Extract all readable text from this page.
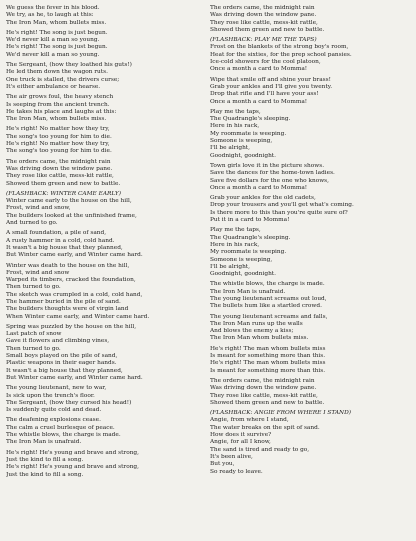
We guess the fever in his blood.
We try, as he, to laugh at this:
The Iron Man, whom bullets miss.
He's right! The song is just begun.
We'd never kill a man so young.
He's right! The song is just begun.
We'd never kill a man so young.
The Sergeant, (how they loathed his guts!)
He led them down the wagon ruts.
One truck is stalled, the drivers curse;
It's either ambulance or hearse.
The air grows foul, the heavy stench
Is seeping from the ancient trench.
He takes his place and laughs at this:
The Iron Man, whom bullets miss.
He's right! No matter how they try,
The song's too young for him to die.
He's right! No matter how they try,
The song's too young for him to die.
The orders came, the midnight rain
Was driving down the window pane.
They rose like cattle, mess-kit rattle,
Showed them green and new to battle.
(FLASHBACK: WINTER CAME EARLY)
Winter came early to the house on the hill,
Frost, wind and snow,
The builders looked at the unfinished frame,
And turned to go.
A small foundation, a pile of sand,
A rusty hammer in a cold, cold hand.
It wasn't a big house that they planned,
But Winter came early, and Winter came hard.
Winter was death to the house on the hill,
Frost, wind and snow
Warped its timbers, cracked the foundation,
Then turned to go.
The sketch was crumpled in a cold, cold hand,
The hammer buried in the pile of sand.
The builders thoughts were of virgin land
When Winter came early, and Winter came hard.
Spring was puzzled by the house on the hill,
Last patch of snow
Gave it flowers and climbing vines,
Then turned to go.
Small boys played on the pile of sand,
Plastic weapons in their eager hands.
It wasn't a big house that they planned,
But Winter came early, and Winter came hard.
The young lieutenant, new to war,
Is sick upon the trench's floor.
The Sergeant, (how they cursed his head!)
Is suddenly quite cold and dead.
The deafening explosions cease.
The calm a cruel burlesque of peace.
The whistle blows, the charge is made.
The Iron Man is unafraid.
He's right! He's young and brave and strong,
Just the kind to fill a song.
He's right! He's young and brave and strong,
Just the kind to fill a song.
The orders came, the midnight rain
Was driving down the window pane.
They rose like cattle, mess-kit rattle,
Showed them green and new to battle.
(FLASHBACK: PLAY ME THE TAPS)
Frost on the blankets of the strong boy's room,
Heat for the sixties, for the prep school pansies.
Ice-cold showers for the cool platoon,
Once a month a card to Momma!
Wipe that smile off and shine your brass!
Grab your ankles and I'll give you twenty.
Drop that rifle and I'll have your ass!
Once a month a card to Momma!
Play me the taps,
The Quadrangle's sleeping.
Here in his rack,
My roommate is weeping.
Someone is weeping,
I'll be alright,
Goodnight, goodnight.
Town girls love it in the picture shows.
Save the dances for the home-town ladies.
Save five dollars for the one who knows,
Once a month a card to Momma!
Grab your ankles for the old cadets,
Drop your trousers and you'll get what's coming.
Is there more to this than you're quite sure of?
Put it in a card to Momma!
Play me the taps,
The Quadrangle's sleeping.
Here in his rack,
My roommate is weeping.
Someone is weeping,
I'll be alright,
Goodnight, goodnight.
The whistle blows, the charge is made.
The Iron Man is unafraid.
The young lieutenant screams out loud,
The bullets hum like a startled crowd.
The young lieutenant screams and falls,
The Iron Man runs up the walls
And blows the enemy a kiss;
The Iron Man whom bullets miss.
He's right! The man whom bullets miss
Is meant for something more than this.
He's right! The man whom bullets miss
Is meant for something more than this.
The orders came, the midnight rain
Was driving down the window pane.
They rose like cattle, mess-kit rattle,
Showed them green and new to battle.
(FLASHBACK: ANGIE FROM WHERE I STAND)
Angie, from where I stand,
The water breaks on the spit of sand.
How does it survive?
Angie, for all I know,
The sand is tired and ready to go,
It's been alive,
But you,
So ready to leave.
